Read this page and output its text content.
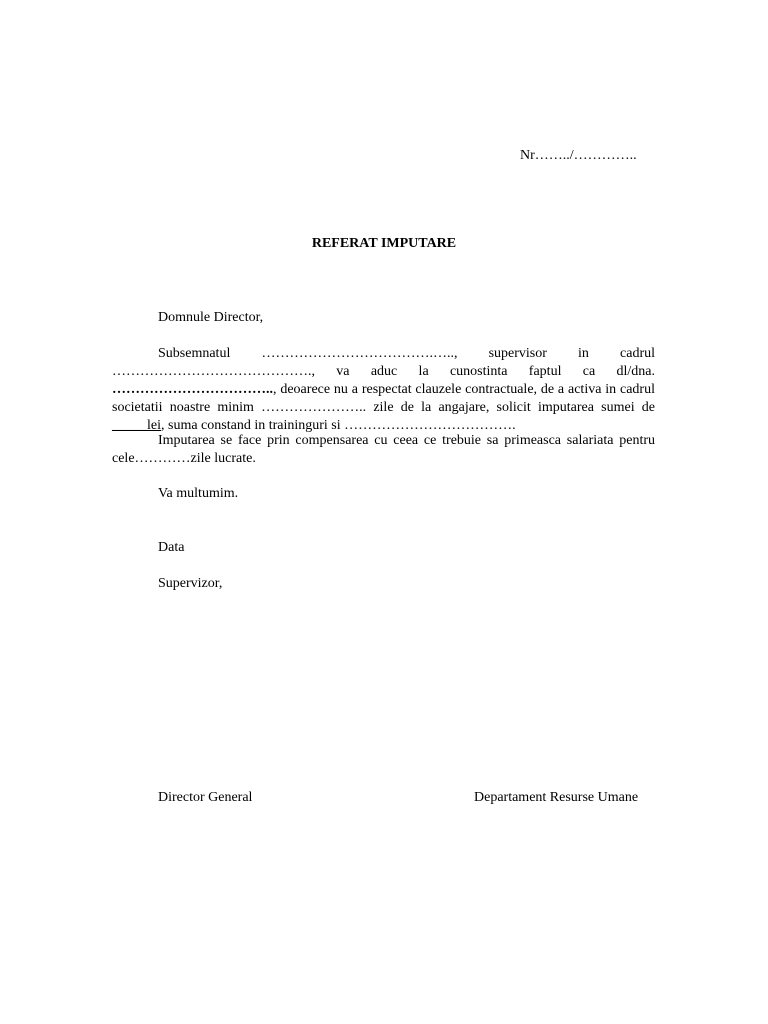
Nr……../…………..
REFERAT IMPUTARE
Domnule Director,
Subsemnatul ……………………………….….., supervisor in cadrul ……………………………………., va aduc la cunostinta faptul ca dl/dna. …………………………….., deoarece nu a respectat clauzele contractuale, de a activa in cadrul societatii noastre minim ………………….. zile de la angajare, solicit imputarea sumei de _____lei, suma constand in traininguri si ……………………………….
Imputarea se face prin compensarea cu ceea ce trebuie sa primeasca salariata pentru cele…………zile lucrate.
Va multumim.
Data
Supervizor,
Director General	Departament Resurse Umane
